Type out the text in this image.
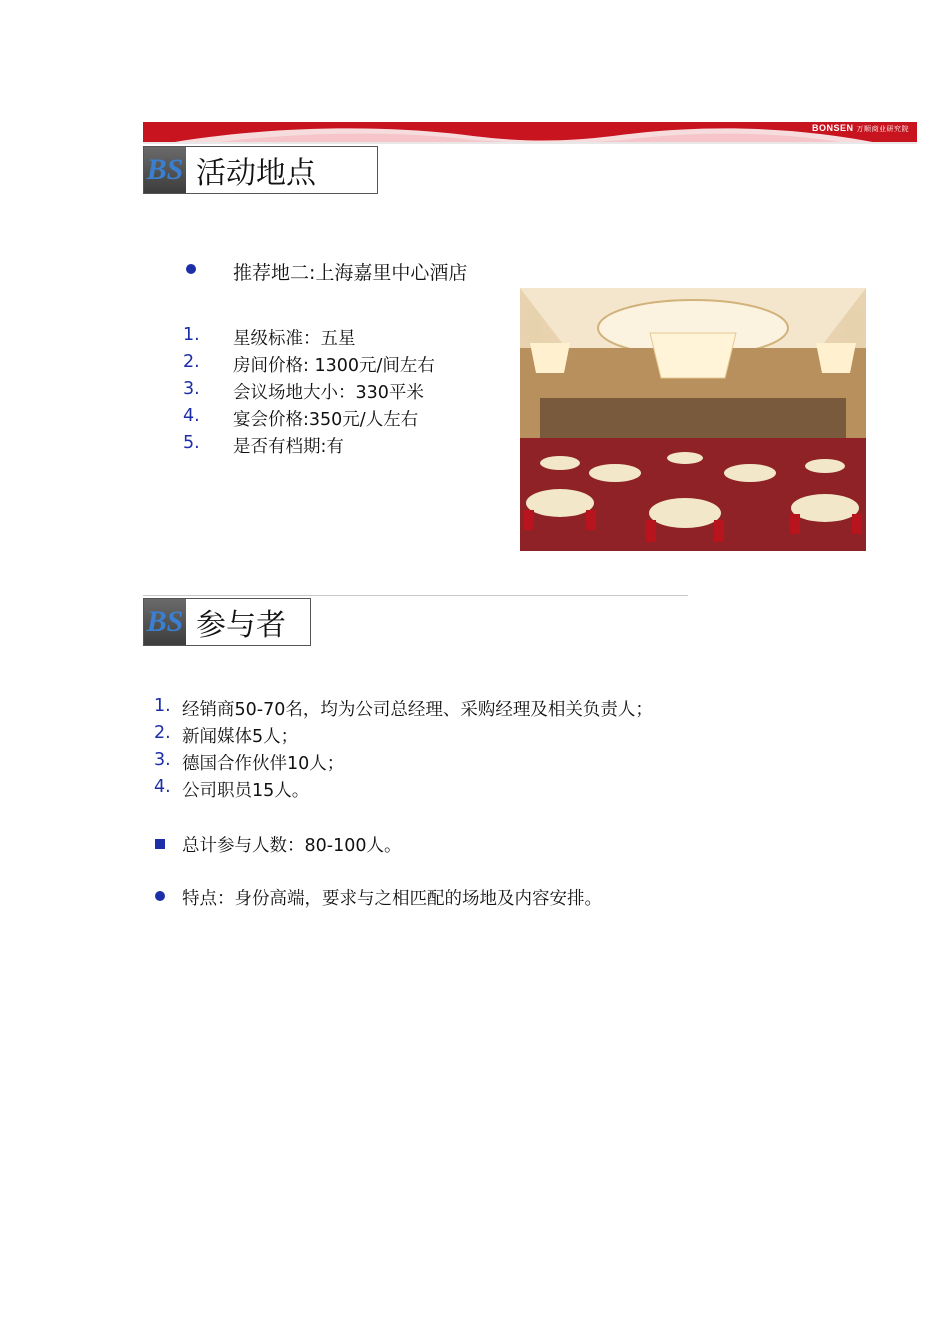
BONSEN 万顺商业研究院
BS 活动地点
推荐地二:上海嘉里中心酒店
1.	星级标准：五星
2.	房间价格: 1300元/间左右
3.	会议场地大小：330平米
4.	宴会价格:350元/人左右
5.	是否有档期:有
BS 参与者
1. 经销商50-70名，均为公司总经理、采购经理及相关负责人；
2. 新闻媒体5人；
3. 德国合作伙伴10人；
4. 公司职员15人。
总计参与人数：80-100人。
特点：身份高端，要求与之相匹配的场地及内容安排。
